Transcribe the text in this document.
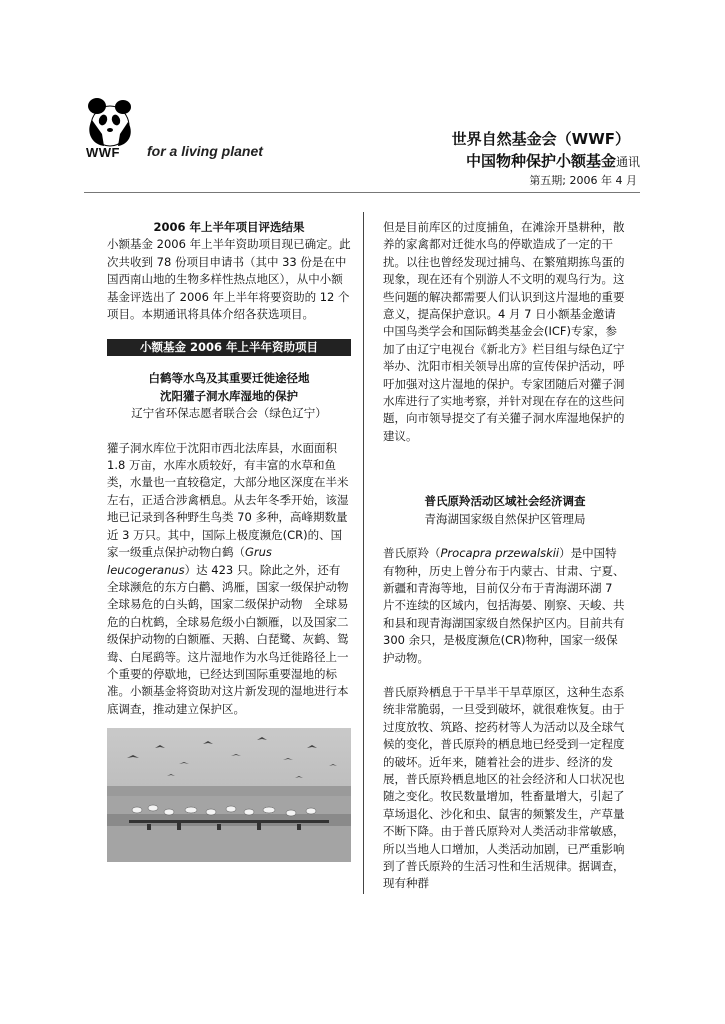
WWF for a living planet
世界自然基金会（WWF）
中国物种保护小额基金通讯
第五期; 2006 年 4 月

2006 年上半年项目评选结果

小额基金 2006 年上半年资助项目现已确定。此次共收到 78 份项目申请书（其中 33 份是在中国西南山地的生物多样性热点地区），从中小额基金评选出了 2006 年上半年将要资助的 12 个项目。本期通讯将具体介绍各获选项目。

小额基金 2006 年上半年资助项目

白鹤等水鸟及其重要迁徙途径地

沈阳獾子洞水库湿地的保护

辽宁省环保志愿者联合会（绿色辽宁）

獾子洞水库位于沈阳市西北法库县，水面面积 1.8 万亩，水库水质较好，有丰富的水草和鱼类，水量也一直较稳定，大部分地区深度在半米左右，正适合涉禽栖息。从去年冬季开始，该湿地已记录到各种野生鸟类 70 多种，高峰期数量近 3 万只。其中，国际上极度濒危(CR)的、国家一级重点保护动物白鹤（Grus leucogeranus）达 423 只。除此之外，还有全球濒危的东方白鹳、鸿雁，国家一级保护动物　全球易危的白头鹤，国家二级保护动物　全球易危的白枕鹤，全球易危级小白额雁，以及国家二级保护动物的白额雁、天鹅、白琵鹭、灰鹤、鸳鸯、白尾鹞等。这片湿地作为水鸟迁徙路径上一个重要的停歇地，已经达到国际重要湿地的标准。小额基金将资助对这片新发现的湿地进行本底调查，推动建立保护区。

但是目前库区的过度捕鱼，在滩涂开垦耕种，散养的家禽都对迁徙水鸟的停歇造成了一定的干扰。以往也曾经发现过捕鸟、在繁殖期拣鸟蛋的现象，现在还有个别游人不文明的观鸟行为。这些问题的解决都需要人们认识到这片湿地的重要意义，提高保护意识。4 月 7 日小额基金邀请中国鸟类学会和国际鹤类基金会(ICF)专家，参加了由辽宁电视台《新北方》栏目组与绿色辽宁举办、沈阳市相关领导出席的宣传保护活动，呼吁加强对这片湿地的保护。专家团随后对獾子洞水库进行了实地考察，并针对现在存在的这些问题，向市领导提交了有关獾子洞水库湿地保护的建议。

普氏原羚活动区域社会经济调查

青海湖国家级自然保护区管理局

普氏原羚（Procapra przewalskii）是中国特有物种，历史上曾分布于内蒙古、甘肃、宁夏、新疆和青海等地，目前仅分布于青海湖环湖 7 片不连续的区域内，包括海晏、刚察、天峻、共和县和现青海湖国家级自然保护区内。目前共有 300 余只，是极度濒危(CR)物种，国家一级保护动物。

普氏原羚栖息于干旱半干旱草原区，这种生态系统非常脆弱，一旦受到破坏，就很难恢复。由于过度放牧、筑路、挖药材等人为活动以及全球气候的变化，普氏原羚的栖息地已经受到一定程度的破坏。近年来，随着社会的进步、经济的发展，普氏原羚栖息地区的社会经济和人口状况也随之变化。牧民数量增加，牲畜量增大，引起了草场退化、沙化和虫、鼠害的频繁发生，产草量不断下降。由于普氏原羚对人类活动非常敏感，所以当地人口增加，人类活动加剧，已严重影响到了普氏原羚的生活习性和生活规律。据调查，现有种群
